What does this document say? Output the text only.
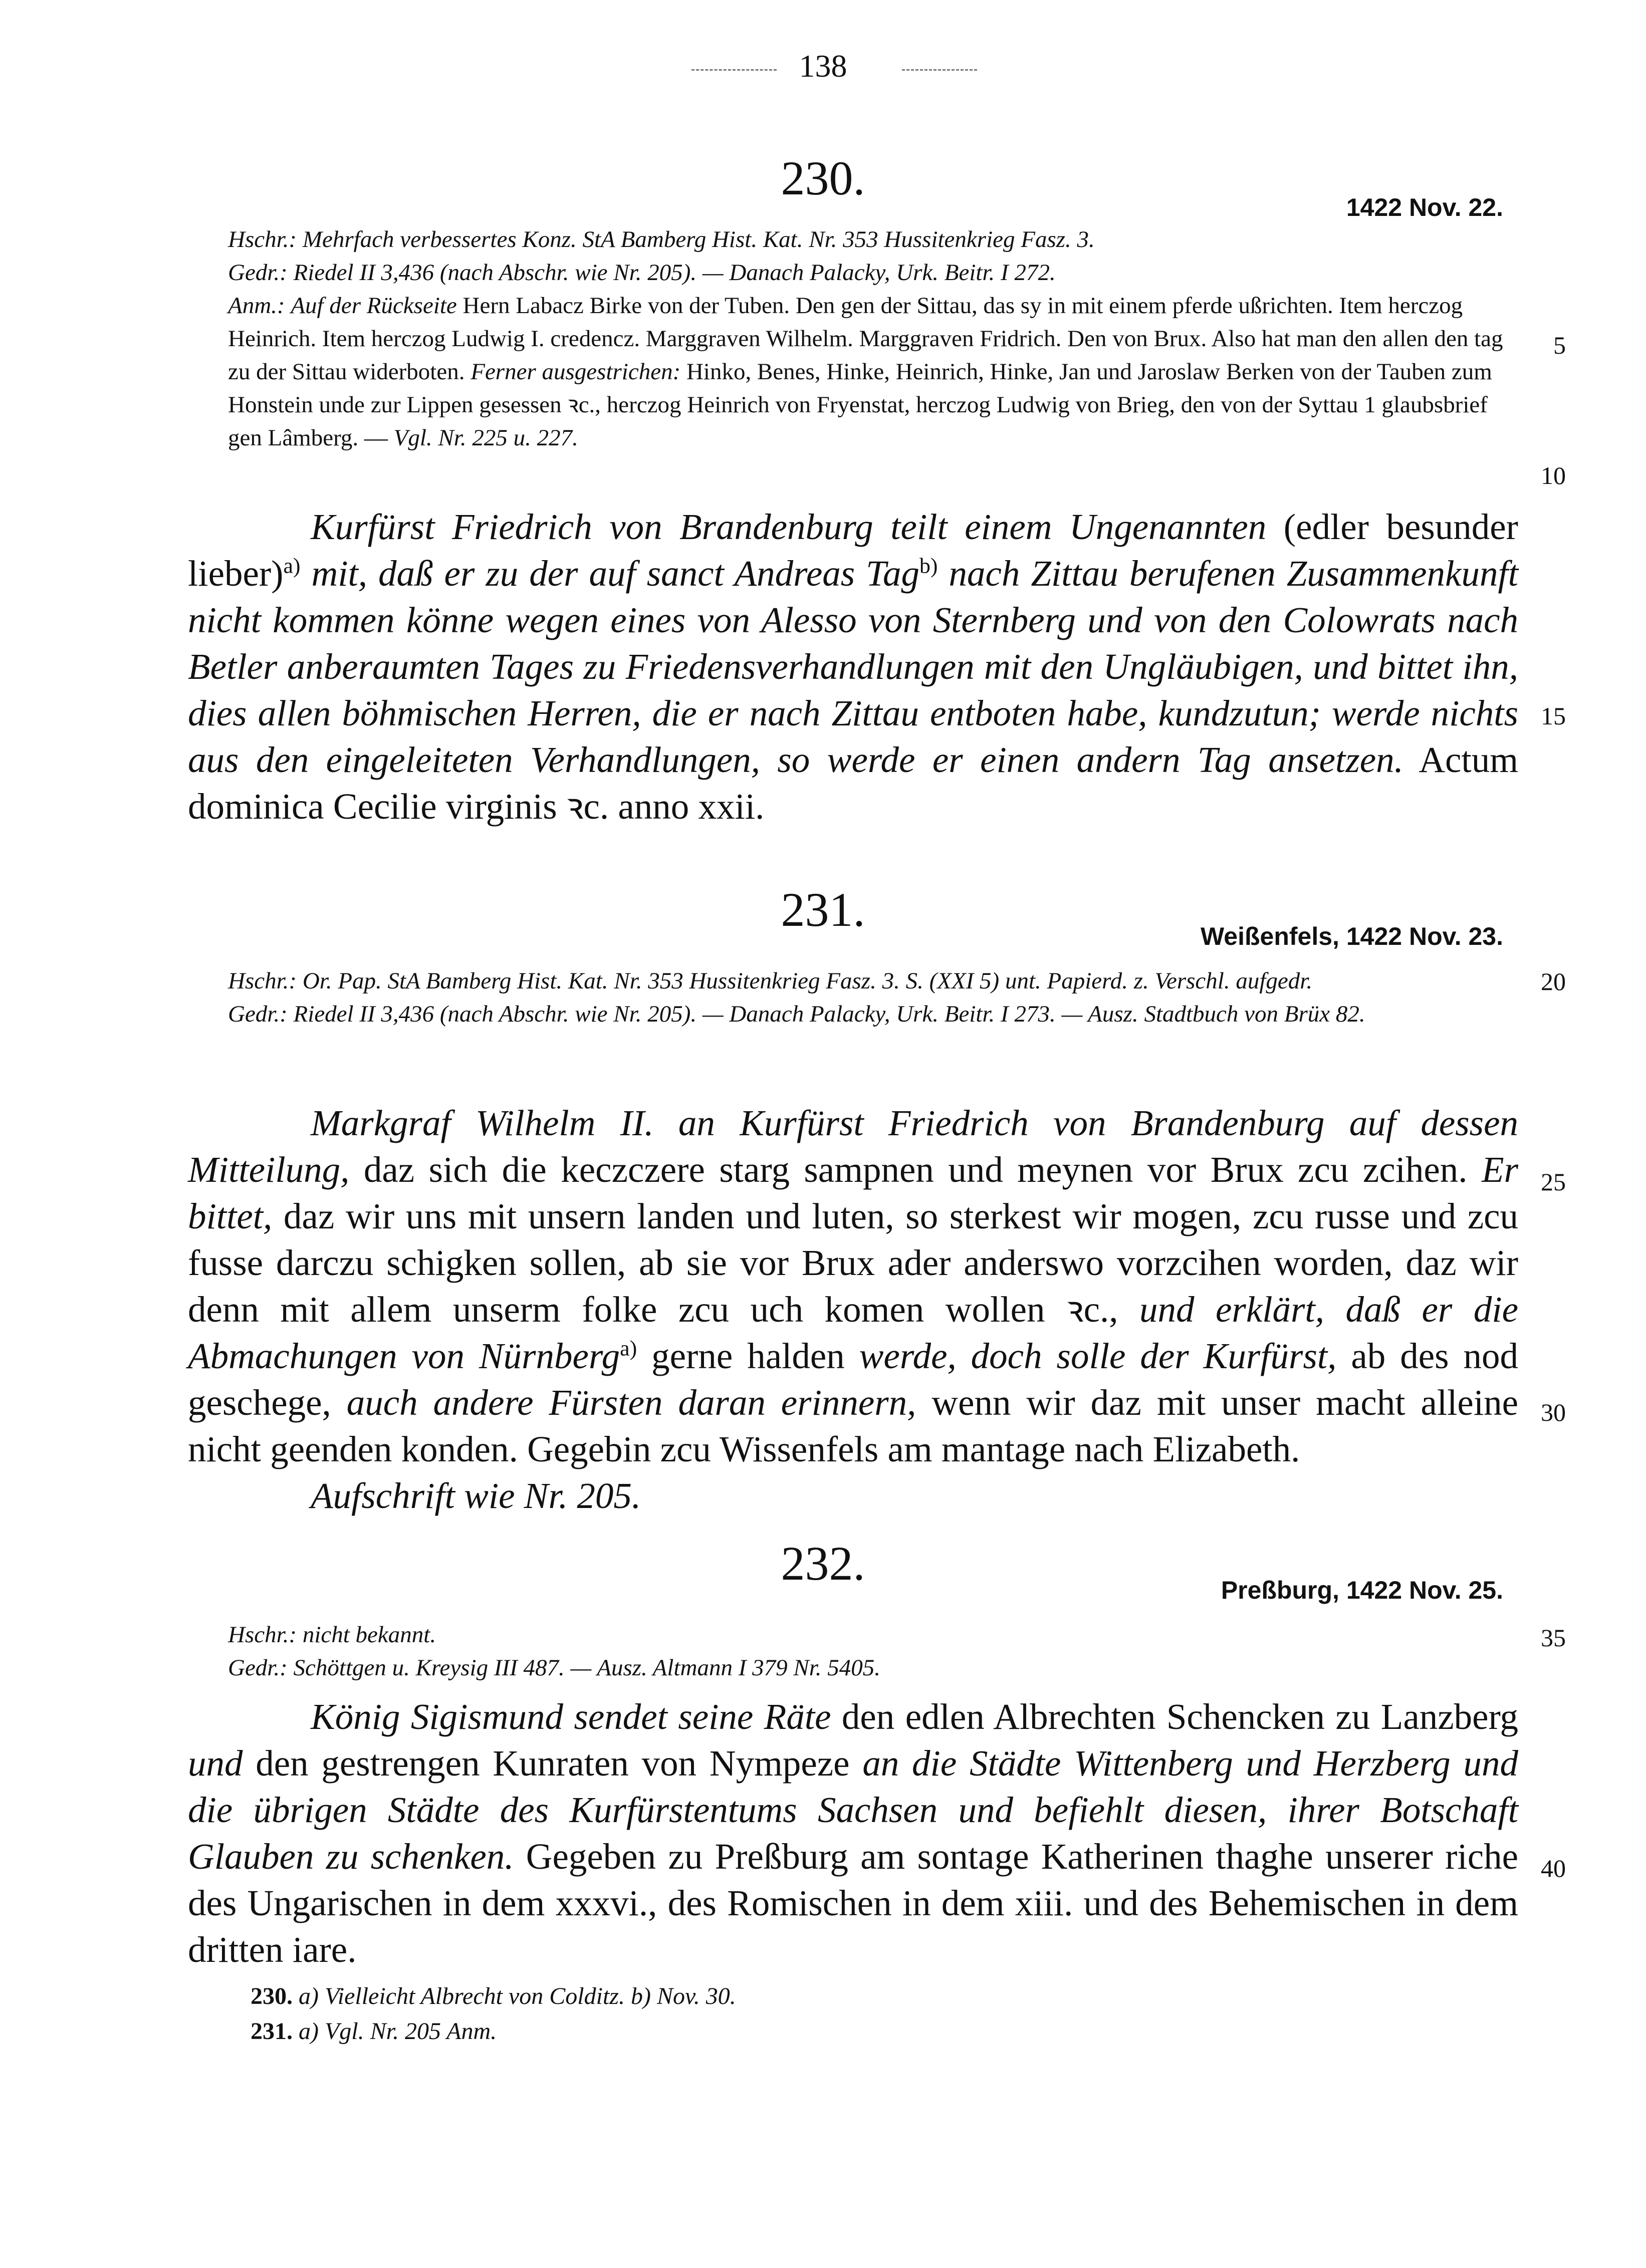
138
230.
1422 Nov. 22.

Hschr.: Mehrfach verbessertes Konz. StA Bamberg Hist. Kat. Nr. 353 Hussitenkrieg Fasz. 3.

Gedr.: Riedel II 3,436 (nach Abschr. wie Nr. 205). — Danach Palacky, Urk. Beitr. I 272.

Anm.: Auf der Rückseite Hern Labacz Birke von der Tuben. Den gen der Sittau, das sy in mit einem pferde ußrichten. Item herczog Heinrich. Item herczog Ludwig I. credencz. Marggraven Wilhelm. Marggraven Fridrich. Den von Brux. Also hat man den allen den tag zu der Sittau widerboten. Ferner ausgestrichen: Hinko, Benes, Hinke, Heinrich, Hinke, Jan und Jaroslaw Berken von der Tauben zum Honstein unde zur Lippen gesessen ꝛc., herczog Heinrich von Fryenstat, herczog Ludwig von Brieg, den von der Syttau 1 glaubsbrief gen Lâmberg. — Vgl. Nr. 225 u. 227.

Kurfürst Friedrich von Brandenburg teilt einem Ungenannten (edler besunder lieber)$^{a)}$ mit, daß er zu der auf sanct Andreas Tag$^{b)}$ nach Zittau berufenen Zusammenkunft nicht kommen könne wegen eines von Alesso von Sternberg und von den Colowrats nach Betler anberaumten Tages zu Friedensverhandlungen mit den Ungläubigen, und bittet ihn, dies allen böhmischen Herren, die er nach Zittau entboten habe, kundzutun; werde nichts aus den eingeleiteten Verhandlungen, so werde er einen andern Tag ansetzen. Actum dominica Cecilie virginis ꝛc. anno xxii.

231.	Weißenfels, 1422 Nov. 23.

Hschr.: Or. Pap. StA Bamberg Hist. Kat. Nr. 353 Hussitenkrieg Fasz. 3. S. (XXI 5) unt. Papierd. z. Verschl. aufgedr.

Gedr.: Riedel II 3,436 (nach Abschr. wie Nr. 205). — Danach Palacky, Urk. Beitr. I 273. — Ausz. Stadtbuch von Brüx 82.

Markgraf Wilhelm II. an Kurfürst Friedrich von Brandenburg auf dessen Mitteilung, daz sich die keczczere starg sampnen und meynen vor Brux zcu zcihen. Er bittet, daz wir uns mit unsern landen und luten, so sterkest wir mogen, zcu russe und zcu fusse darczu schigken sollen, ab sie vor Brux ader anderswo vorzcihen worden, daz wir denn mit allem unserm folke zcu uch komen wollen ꝛc., und erklärt, daß er die Abmachungen von Nürnberg$^{a)}$ gerne halden werde, doch solle der Kurfürst, ab des nod geschege, auch andere Fürsten daran erinnern, wenn wir daz mit unser macht alleine nicht geenden konden. Gegebin zcu Wissenfels am mantage nach Elizabeth.

Aufschrift wie Nr. 205.

232.	Preßburg, 1422 Nov. 25.

Hschr.: nicht bekannt.

Gedr.: Schöttgen u. Kreysig III 487. — Ausz. Altmann I 379 Nr. 5405.

König Sigismund sendet seine Räte den edlen Albrechten Schencken zu Lanzberg und den gestrengen Kunraten von Nympeze an die Städte Wittenberg und Herzberg und die übrigen Städte des Kurfürstentums Sachsen und befiehlt diesen, ihrer Botschaft Glauben zu schenken. Gegeben zu Preßburg am sontage Katherinen thaghe unserer riche des Ungarischen in dem xxxvi., des Romischen in dem xiii. und des Behemischen in dem dritten iare.

230. a) Vielleicht Albrecht von Colditz. b) Nov. 30.

231. a) Vgl. Nr. 205 Anm.

5
10
15
20
25
30
35
40
